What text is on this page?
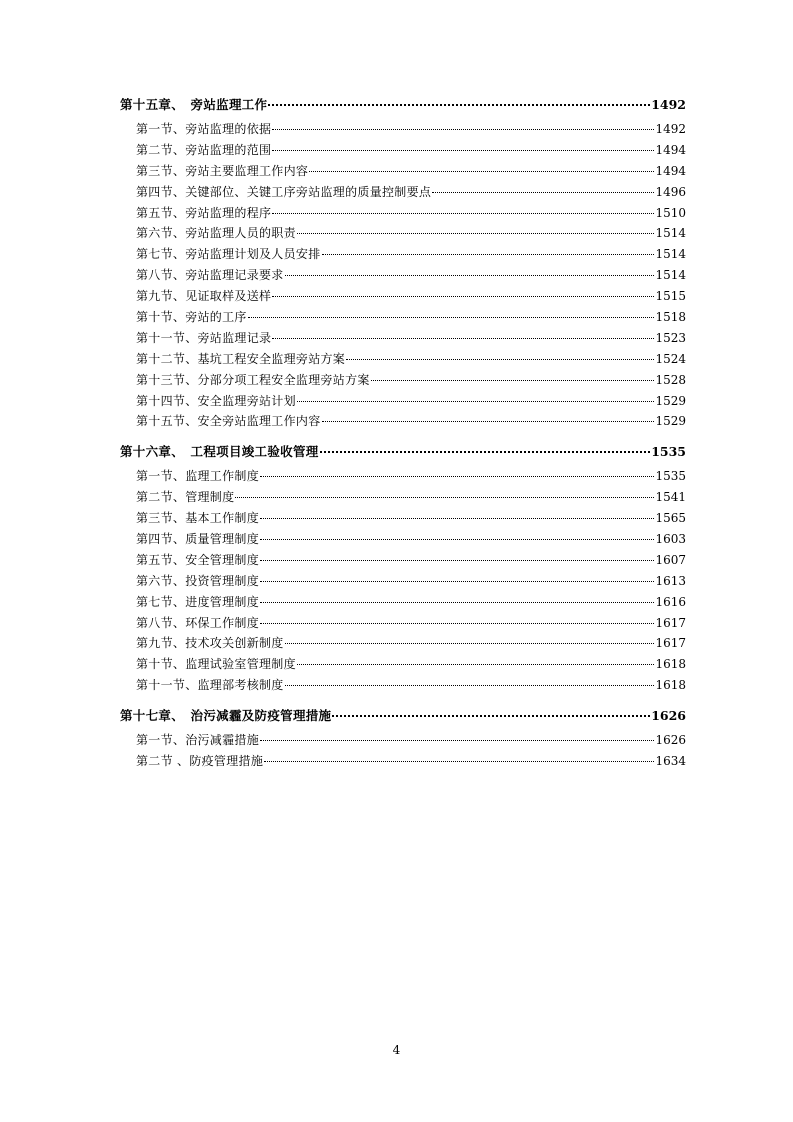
第十五章、　旁站监理工作	1492
第一节、旁站监理的依据	1492
第二节、旁站监理的范围	1494
第三节、旁站主要监理工作内容	1494
第四节、关键部位、关键工序旁站监理的质量控制要点	1496
第五节、旁站监理的程序	1510
第六节、旁站监理人员的职责	1514
第七节、旁站监理计划及人员安排	1514
第八节、旁站监理记录要求	1514
第九节、见证取样及送样	1515
第十节、旁站的工序	1518
第十一节、旁站监理记录	1523
第十二节、基坑工程安全监理旁站方案	1524
第十三节、分部分项工程安全监理旁站方案	1528
第十四节、安全监理旁站计划	1529
第十五节、安全旁站监理工作内容	1529
第十六章、　工程项目竣工验收管理	1535
第一节、监理工作制度	1535
第二节、管理制度	1541
第三节、基本工作制度	1565
第四节、质量管理制度	1603
第五节、安全管理制度	1607
第六节、投资管理制度	1613
第七节、进度管理制度	1616
第八节、环保工作制度	1617
第九节、技术攻关创新制度	1617
第十节、监理试验室管理制度	1618
第十一节、监理部考核制度	1618
第十七章、　治污减霾及防疫管理措施	1626
第一节、治污减霾措施	1626
第二节 、防疫管理措施	1634
4
